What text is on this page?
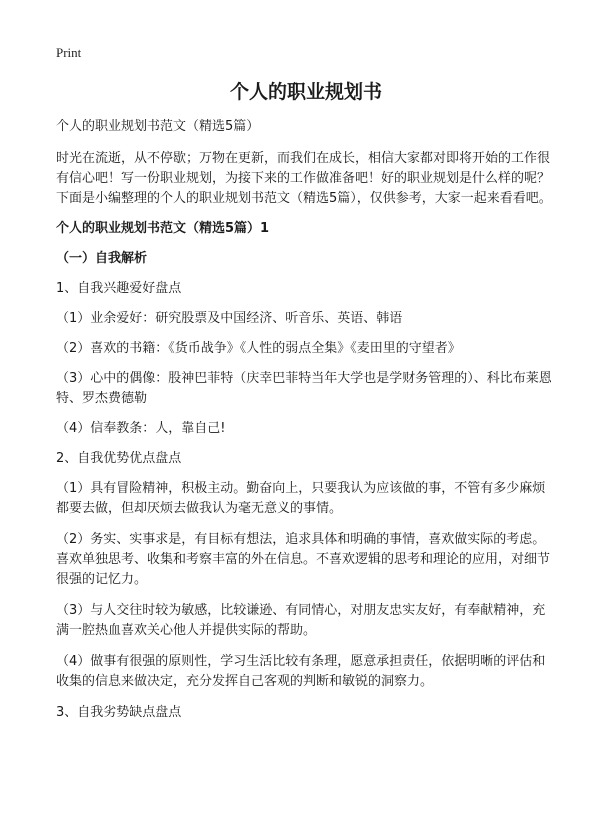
Print
个人的职业规划书

个人的职业规划书范文（精选5篇）

时光在流逝，从不停歇；万物在更新，而我们在成长，相信大家都对即将开始的工作很有信心吧！写一份职业规划，为接下来的工作做准备吧！好的职业规划是什么样的呢？下面是小编整理的个人的职业规划书范文（精选5篇），仅供参考，大家一起来看看吧。

个人的职业规划书范文（精选5篇）1

（一）自我解析

1、自我兴趣爱好盘点

（1）业余爱好：研究股票及中国经济、听音乐、英语、韩语

（2）喜欢的书籍：《货币战争》《人性的弱点全集》《麦田里的守望者》

（3）心中的偶像：股神巴菲特（庆幸巴菲特当年大学也是学财务管理的）、科比布莱恩特、罗杰费德勒

（4）信奉教条：人，靠自己!

2、自我优势优点盘点

（1）具有冒险精神，积极主动。勤奋向上，只要我认为应该做的事，不管有多少麻烦都要去做，但却厌烦去做我认为毫无意义的事情。

（2）务实、实事求是，有目标有想法，追求具体和明确的事情，喜欢做实际的考虑。喜欢单独思考、收集和考察丰富的外在信息。不喜欢逻辑的思考和理论的应用，对细节很强的记忆力。

（3）与人交往时较为敏感，比较谦逊、有同情心，对朋友忠实友好，有奉献精神，充满一腔热血喜欢关心他人并提供实际的帮助。

（4）做事有很强的原则性，学习生活比较有条理，愿意承担责任，依据明晰的评估和收集的信息来做决定，充分发挥自己客观的判断和敏锐的洞察力。

3、自我劣势缺点盘点
